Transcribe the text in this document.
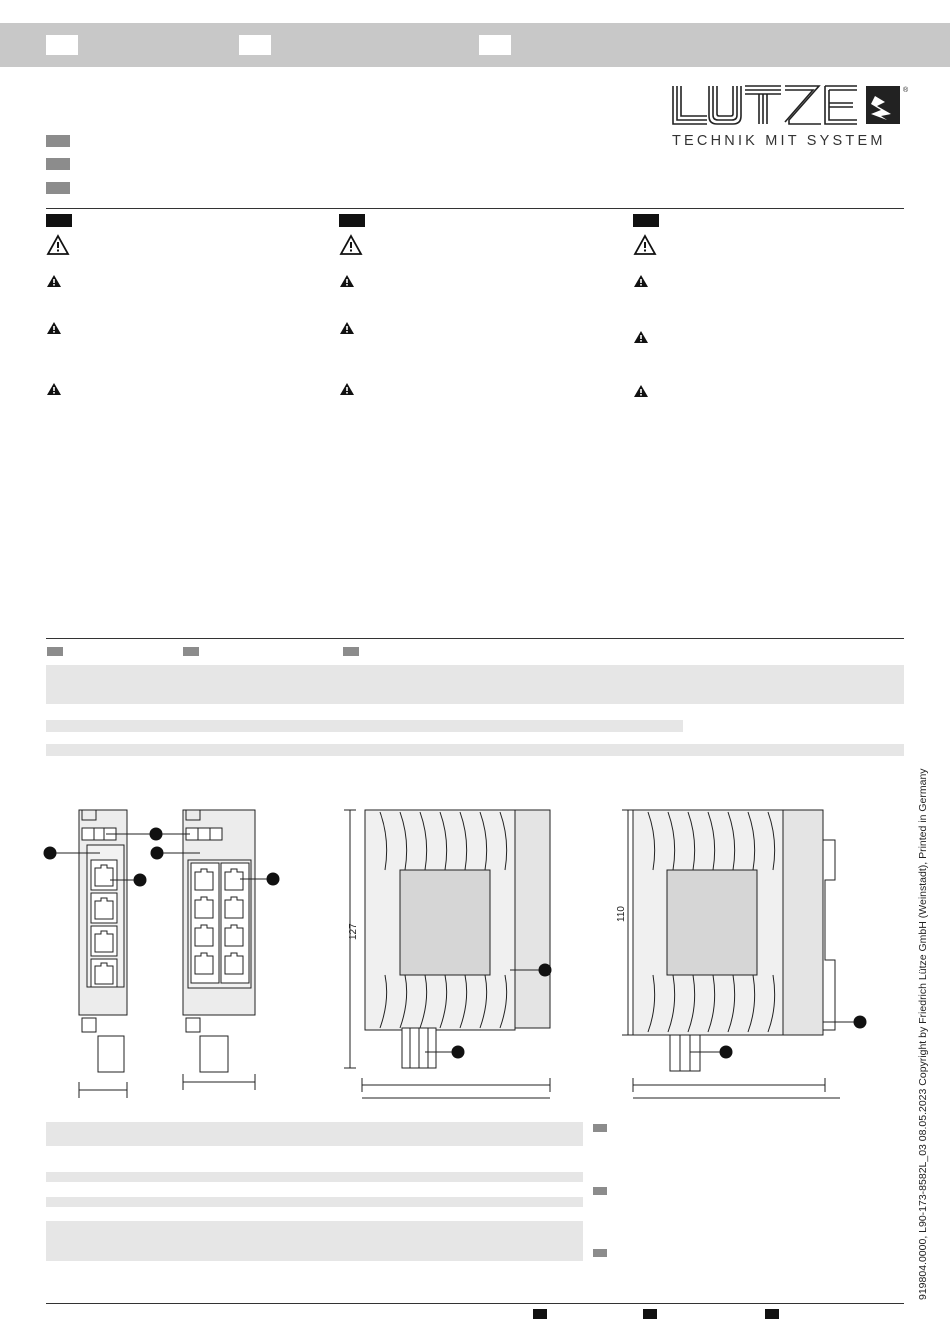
®
TECHNIK MIT SYSTEM
127
110	919804.0000, L90-173-8582L_03 08.05.2023 Copyright by Friedrich Lütze GmbH (Weinstadt), Printed in Germany
